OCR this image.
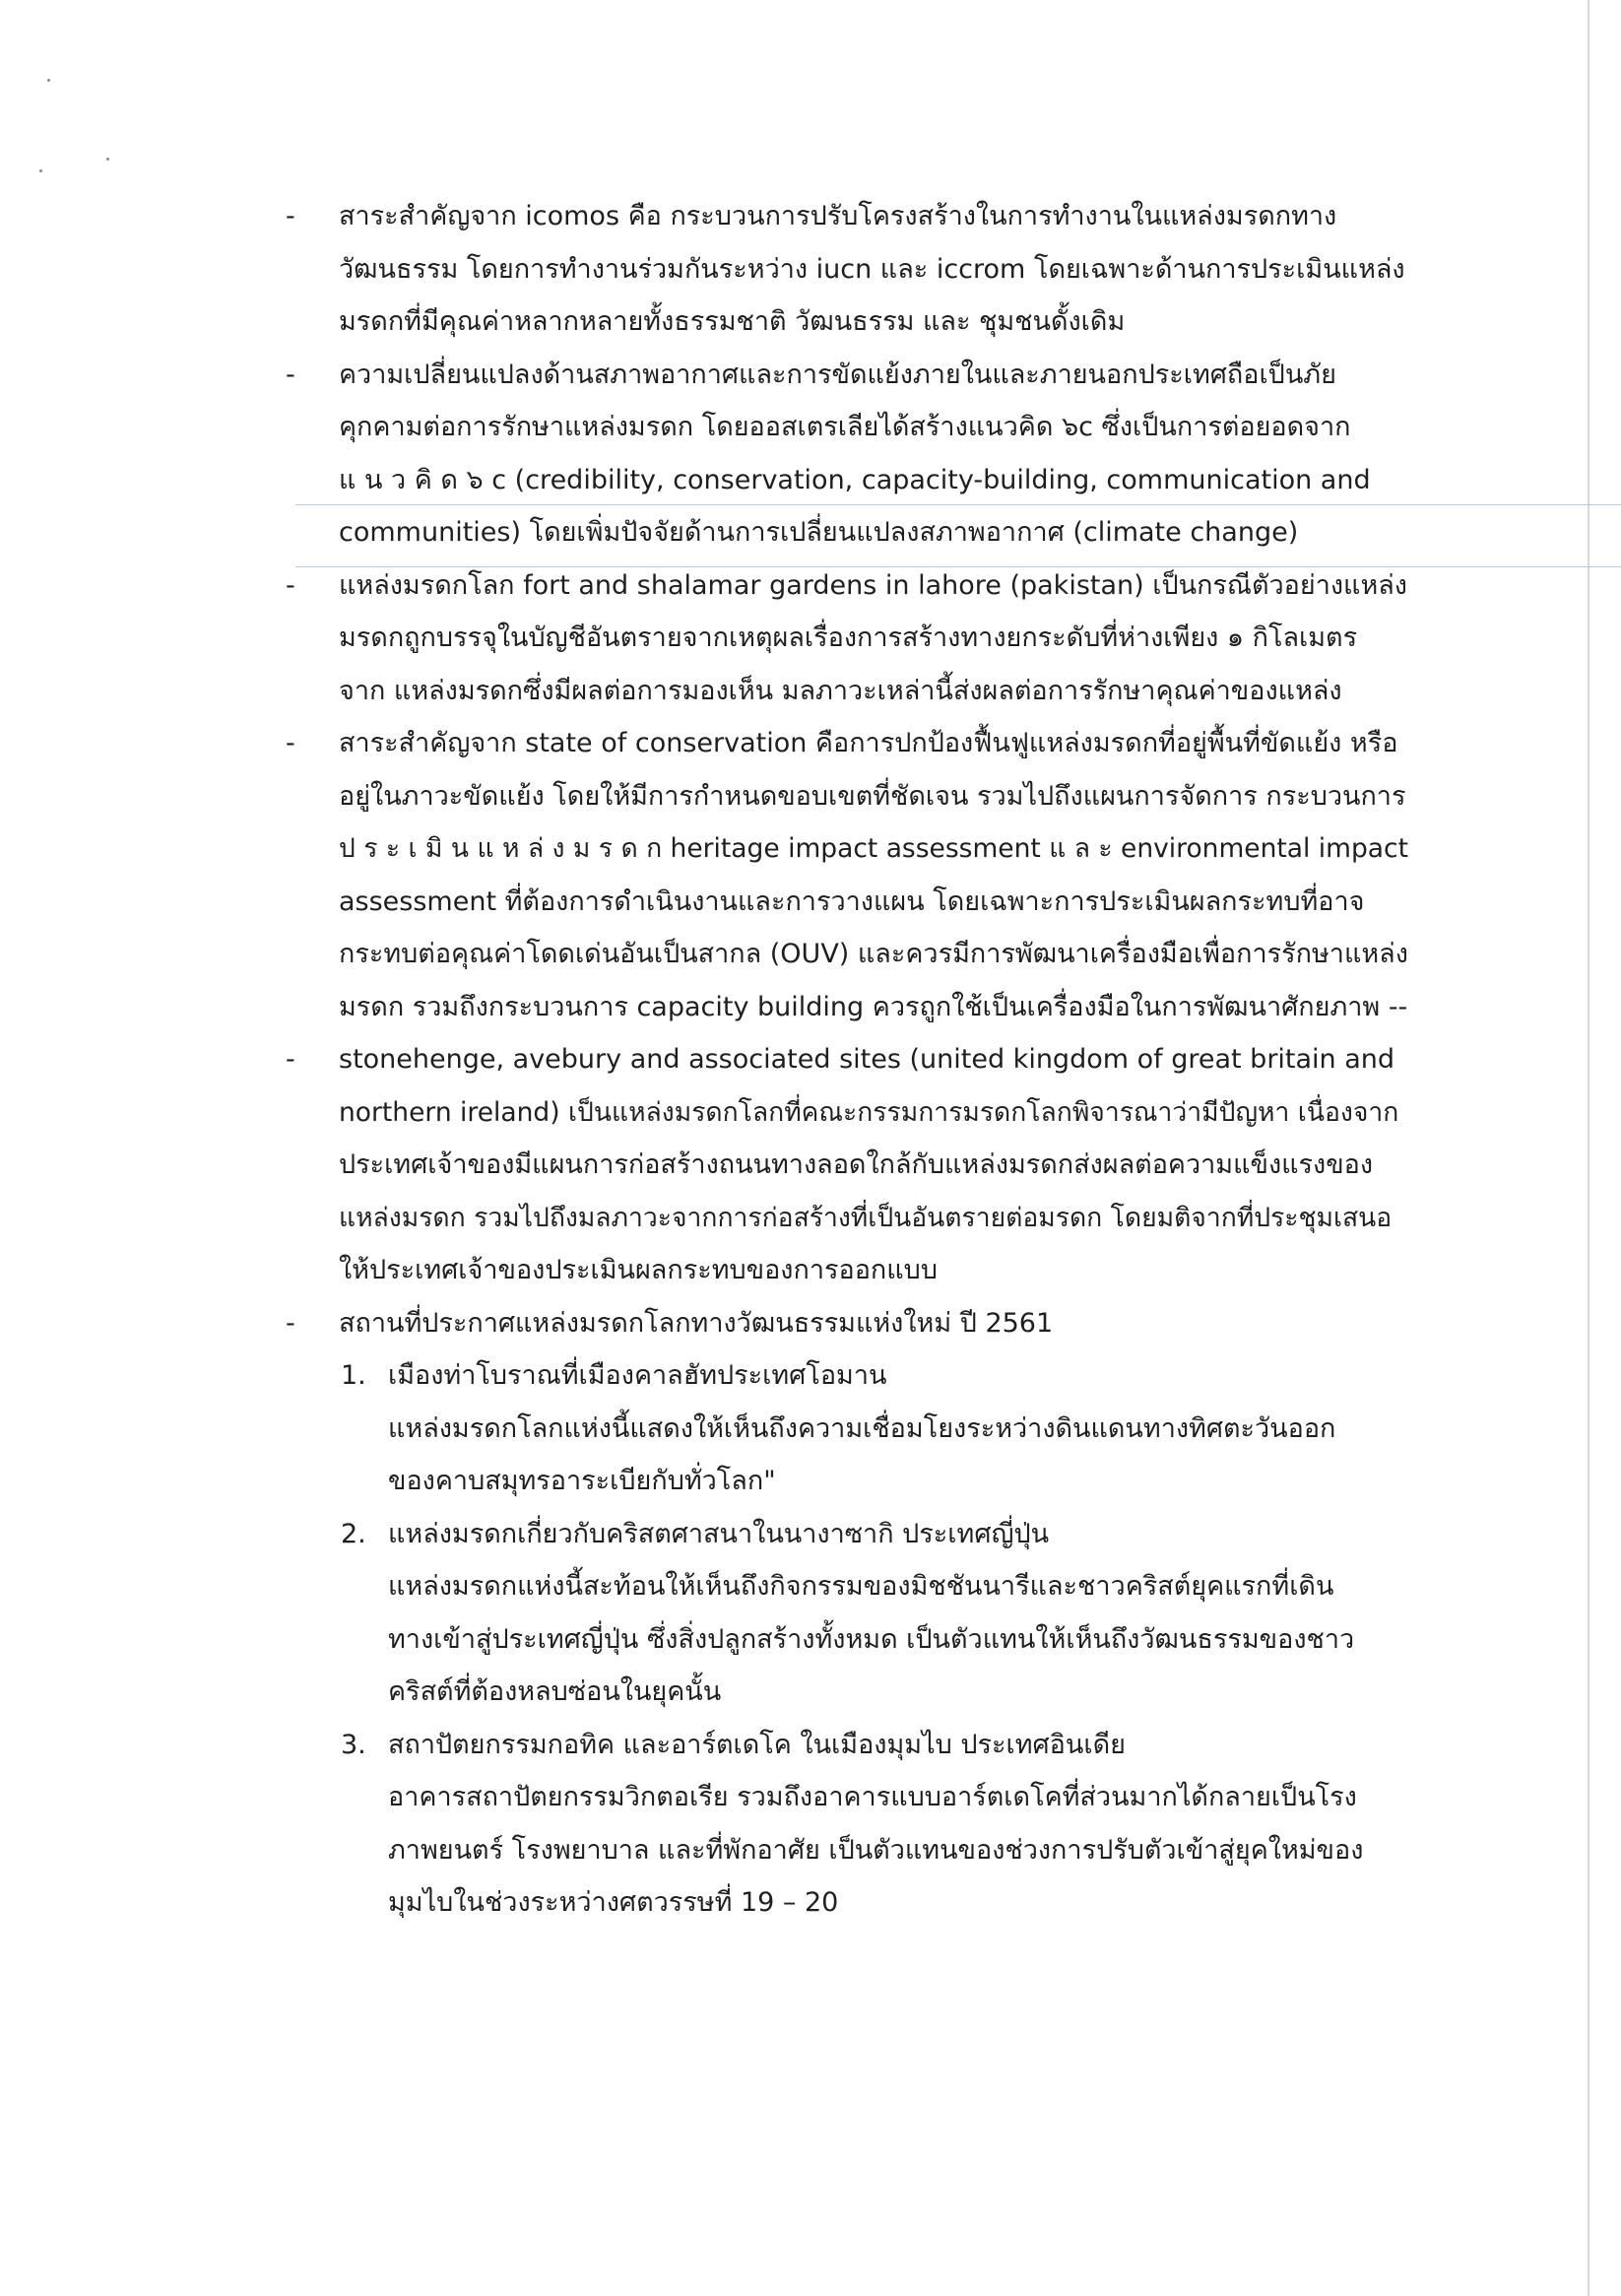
-	สาระสำคัญจาก icomos คือ กระบวนการปรับโครงสร้างในการทำงานในแหล่งมรดกทาง
วัฒนธรรม โดยการทำงานร่วมกันระหว่าง iucn และ iccrom โดยเฉพาะด้านการประเมินแหล่ง
มรดกที่มีคุณค่าหลากหลายทั้งธรรมชาติ วัฒนธรรม และ ชุมชนดั้งเดิม
-	ความเปลี่ยนแปลงด้านสภาพอากาศและการขัดแย้งภายในและภายนอกประเทศถือเป็นภัย
คุกคามต่อการรักษาแหล่งมรดก โดยออสเตรเลียได้สร้างแนวคิด ๖c ซึ่งเป็นการต่อยอดจาก
แ น ว คิ ด ๖ c (credibility, conservation, capacity-building, communication and
communities) โดยเพิ่มปัจจัยด้านการเปลี่ยนแปลงสภาพอากาศ (climate change)
-	แหล่งมรดกโลก fort and shalamar gardens in lahore (pakistan) เป็นกรณีตัวอย่างแหล่ง
มรดกถูกบรรจุในบัญชีอันตรายจากเหตุผลเรื่องการสร้างทางยกระดับที่ห่างเพียง ๑ กิโลเมตร
จาก แหล่งมรดกซึ่งมีผลต่อการมองเห็น มลภาวะเหล่านี้ส่งผลต่อการรักษาคุณค่าของแหล่ง
-	สาระสำคัญจาก state of conservation คือการปกป้องฟื้นฟูแหล่งมรดกที่อยู่พื้นที่ขัดแย้ง หรือ
อยู่ในภาวะขัดแย้ง โดยให้มีการกำหนดขอบเขตที่ชัดเจน รวมไปถึงแผนการจัดการ กระบวนการ
ป ร ะ เ มิ น แ ห ล่ ง ม ร ด ก heritage impact assessment แ ล ะ environmental impact
assessment ที่ต้องการดำเนินงานและการวางแผน โดยเฉพาะการประเมินผลกระทบที่อาจ
กระทบต่อคุณค่าโดดเด่นอันเป็นสากล (OUV) และควรมีการพัฒนาเครื่องมือเพื่อการรักษาแหล่ง
มรดก รวมถึงกระบวนการ capacity building ควรถูกใช้เป็นเครื่องมือในการพัฒนาศักยภาพ --
-	stonehenge, avebury and associated sites (united kingdom of great britain and
northern ireland) เป็นแหล่งมรดกโลกที่คณะกรรมการมรดกโลกพิจารณาว่ามีปัญหา เนื่องจาก
ประเทศเจ้าของมีแผนการก่อสร้างถนนทางลอดใกล้กับแหล่งมรดกส่งผลต่อความแข็งแรงของ
แหล่งมรดก รวมไปถึงมลภาวะจากการก่อสร้างที่เป็นอันตรายต่อมรดก โดยมติจากที่ประชุมเสนอ
ให้ประเทศเจ้าของประเมินผลกระทบของการออกแบบ
-	สถานที่ประกาศแหล่งมรดกโลกทางวัฒนธรรมแห่งใหม่ ปี 2561
1. เมืองท่าโบราณที่เมืองคาลฮัทประเทศโอมาน
แหล่งมรดกโลกแห่งนี้แสดงให้เห็นถึงความเชื่อมโยงระหว่างดินแดนทางทิศตะวันออก
ของคาบสมุทรอาระเบียกับทั่วโลก"
2. แหล่งมรดกเกี่ยวกับคริสตศาสนาในนางาซากิ ประเทศญี่ปุ่น
แหล่งมรดกแห่งนี้สะท้อนให้เห็นถึงกิจกรรมของมิชชันนารีและชาวคริสต์ยุคแรกที่เดิน
ทางเข้าสู่ประเทศญี่ปุ่น ซึ่งสิ่งปลูกสร้างทั้งหมด เป็นตัวแทนให้เห็นถึงวัฒนธรรมของชาว
คริสต์ที่ต้องหลบซ่อนในยุคนั้น
3. สถาปัตยกรรมกอทิค และอาร์ตเดโค ในเมืองมุมไบ ประเทศอินเดีย
อาคารสถาปัตยกรรมวิกตอเรีย รวมถึงอาคารแบบอาร์ตเดโคที่ส่วนมากได้กลายเป็นโรง
ภาพยนตร์ โรงพยาบาล และที่พักอาศัย เป็นตัวแทนของช่วงการปรับตัวเข้าสู่ยุคใหม่ของ
มุมไบในช่วงระหว่างศตวรรษที่ 19 – 20
